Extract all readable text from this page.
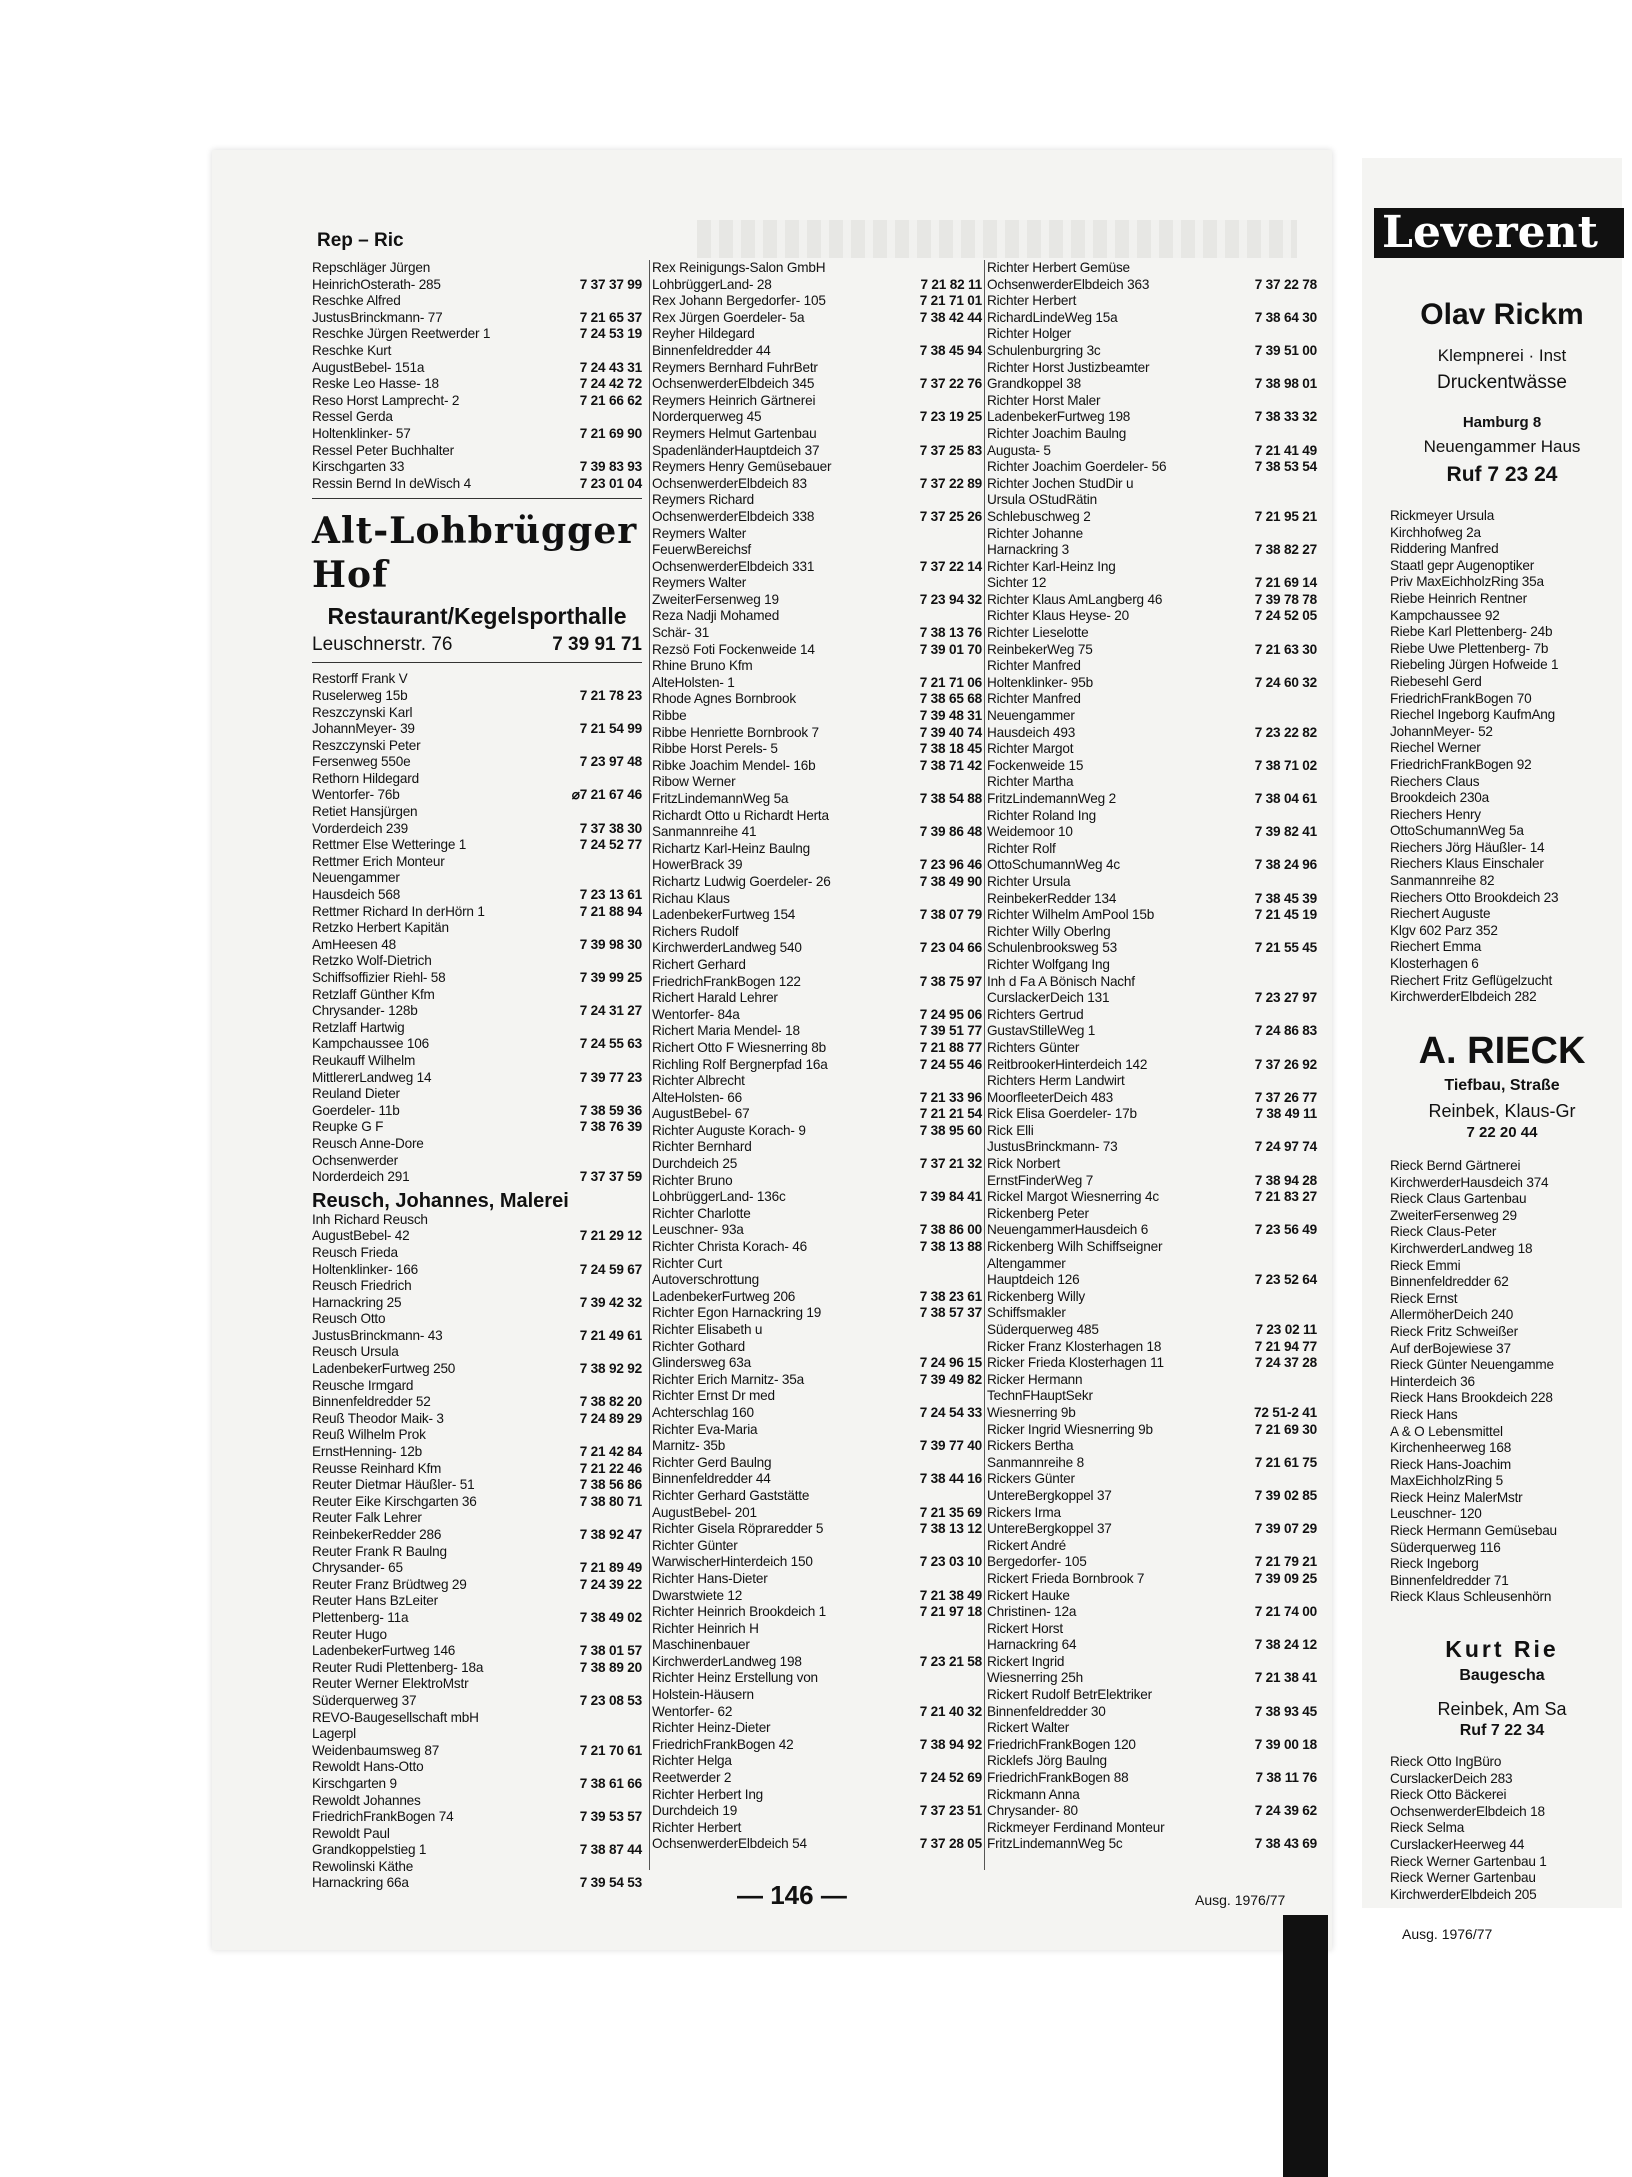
Rep – Ric
Repschläger Jürgen
HeinrichOsterath- 285	7 37 37 99
Reschke Alfred
JustusBrinckmann- 77	7 21 65 37
Reschke Jürgen Reetwerder 1	7 24 53 19
Reschke Kurt
AugustBebel- 151a	7 24 43 31
Reske Leo Hasse- 18	7 24 42 72
Reso Horst Lamprecht- 2	7 21 66 62
Ressel Gerda
Holtenklinker- 57	7 21 69 90
Ressel Peter Buchhalter
Kirschgarten 33	7 39 83 93
Ressin Bernd In deWisch 4	7 23 01 04
Alt-Lohbrügger Hof
Restaurant/Kegelsporthalle
Leuschnerstr. 76	7 39 91 71
Restorff Frank V
Ruselerweg 15b	7 21 78 23
Reszczynski Karl
JohannMeyer- 39	7 21 54 99
Reszczynski Peter
Fersenweg 550e	7 23 97 48
Rethorn Hildegard
Wentorfer- 76b	⌀7 21 67 46
Retiet Hansjürgen
Vorderdeich 239	7 37 38 30
Rettmer Else Wetteringe 1	7 24 52 77
Rettmer Erich Monteur
Neuengammer
Hausdeich 568	7 23 13 61
Rettmer Richard In derHörn 1	7 21 88 94
Retzko Herbert Kapitän
AmHeesen 48	7 39 98 30
Retzko Wolf-Dietrich
Schiffsoffizier Riehl- 58	7 39 99 25
Retzlaff Günther Kfm
Chrysander- 128b	7 24 31 27
Retzlaff Hartwig
Kampchaussee 106	7 24 55 63
Reukauff Wilhelm
MittlererLandweg 14	7 39 77 23
Reuland Dieter
Goerdeler- 11b	7 38 59 36
Reupke G F	7 38 76 39
Reusch Anne-Dore
Ochsenwerder
Norderdeich 291	7 37 37 59
Reusch, Johannes, Malerei
Inh Richard Reusch
AugustBebel- 42	7 21 29 12
Reusch Frieda
Holtenklinker- 166	7 24 59 67
Reusch Friedrich
Harnackring 25	7 39 42 32
Reusch Otto
JustusBrinckmann- 43	7 21 49 61
Reusch Ursula
LadenbekerFurtweg 250	7 38 92 92
Reusche Irmgard
Binnenfeldredder 52	7 38 82 20
Reuß Theodor Maik- 3	7 24 89 29
Reuß Wilhelm Prok
ErnstHenning- 12b	7 21 42 84
Reusse Reinhard Kfm	7 21 22 46
Reuter Dietmar Häußler- 51	7 38 56 86
Reuter Eike Kirschgarten 36	7 38 80 71
Reuter Falk Lehrer
ReinbekerRedder 286	7 38 92 47
Reuter Frank R Baulng
Chrysander- 65	7 21 89 49
Reuter Franz Brüdtweg 29	7 24 39 22
Reuter Hans BzLeiter
Plettenberg- 11a	7 38 49 02
Reuter Hugo
LadenbekerFurtweg 146	7 38 01 57
Reuter Rudi Plettenberg- 18a	7 38 89 20
Reuter Werner ElektroMstr
Süderquerweg 37	7 23 08 53
REVO-Baugesellschaft mbH
Lagerpl
Weidenbaumsweg 87	7 21 70 61
Rewoldt Hans-Otto
Kirschgarten 9	7 38 61 66
Rewoldt Johannes
FriedrichFrankBogen 74	7 39 53 57
Rewoldt Paul
Grandkoppelstieg 1	7 38 87 44
Rewolinski Käthe
Harnackring 66a	7 39 54 53
Rex Reinigungs-Salon GmbH
LohbrüggerLand- 28	7 21 82 11
Rex Johann Bergedorfer- 105	7 21 71 01
Rex Jürgen Goerdeler- 5a	7 38 42 44
Reyher Hildegard
Binnenfeldredder 44	7 38 45 94
Reymers Bernhard FuhrBetr
OchsenwerderElbdeich 345	7 37 22 76
Reymers Heinrich Gärtnerei
Norderquerweg 45	7 23 19 25
Reymers Helmut Gartenbau
SpadenländerHauptdeich 37	7 37 25 83
Reymers Henry Gemüsebauer
OchsenwerderElbdeich 83	7 37 22 89
Reymers Richard
OchsenwerderElbdeich 338	7 37 25 26
Reymers Walter
FeuerwBereichsf
OchsenwerderElbdeich 331	7 37 22 14
Reymers Walter
ZweiterFersenweg 19	7 23 94 32
Reza Nadji Mohamed
Schär- 31	7 38 13 76
Rezsö Foti Fockenweide 14	7 39 01 70
Rhine Bruno Kfm
AlteHolsten- 1	7 21 71 06
Rhode Agnes Bornbrook	7 38 65 68
Ribbe	7 39 48 31
Ribbe Henriette Bornbrook 7	7 39 40 74
Ribbe Horst Perels- 5	7 38 18 45
Ribke Joachim Mendel- 16b	7 38 71 42
Ribow Werner
FritzLindemannWeg 5a	7 38 54 88
Richardt Otto u Richardt Herta
Sanmannreihe 41	7 39 86 48
Richartz Karl-Heinz Baulng
HowerBrack 39	7 23 96 46
Richartz Ludwig Goerdeler- 26	7 38 49 90
Richau Klaus
LadenbekerFurtweg 154	7 38 07 79
Richers Rudolf
KirchwerderLandweg 540	7 23 04 66
Richert Gerhard
FriedrichFrankBogen 122	7 38 75 97
Richert Harald Lehrer
Wentorfer- 84a	7 24 95 06
Richert Maria Mendel- 18	7 39 51 77
Richert Otto F Wiesnerring 8b	7 21 88 77
Richling Rolf Bergnerpfad 16a	7 24 55 46
Richter Albrecht
AlteHolsten- 66	7 21 33 96
AugustBebel- 67	7 21 21 54
Richter Auguste Korach- 9	7 38 95 60
Richter Bernhard
Durchdeich 25	7 37 21 32
Richter Bruno
LohbrüggerLand- 136c	7 39 84 41
Richter Charlotte
Leuschner- 93a	7 38 86 00
Richter Christa Korach- 46	7 38 13 88
Richter Curt
Autoverschrottung
LadenbekerFurtweg 206	7 38 23 61
Richter Egon Harnackring 19	7 38 57 37
Richter Elisabeth u
Richter Gothard
Glindersweg 63a	7 24 96 15
Richter Erich Marnitz- 35a	7 39 49 82
Richter Ernst Dr med
Achterschlag 160	7 24 54 33
Richter Eva-Maria
Marnitz- 35b	7 39 77 40
Richter Gerd Baulng
Binnenfeldredder 44	7 38 44 16
Richter Gerhard Gaststätte
AugustBebel- 201	7 21 35 69
Richter Gisela Röpraredder 5	7 38 13 12
Richter Günter
WarwischerHinterdeich 150	7 23 03 10
Richter Hans-Dieter
Dwarstwiete 12	7 21 38 49
Richter Heinrich Brookdeich 1	7 21 97 18
Richter Heinrich H
Maschinenbauer
KirchwerderLandweg 198	7 23 21 58
Richter Heinz Erstellung von
Holstein-Häusern
Wentorfer- 62	7 21 40 32
Richter Heinz-Dieter
FriedrichFrankBogen 42	7 38 94 92
Richter Helga
Reetwerder 2	7 24 52 69
Richter Herbert Ing
Durchdeich 19	7 37 23 51
Richter Herbert
OchsenwerderElbdeich 54	7 37 28 05
Richter Herbert Gemüse
OchsenwerderElbdeich 363	7 37 22 78
Richter Herbert
RichardLindeWeg 15a	7 38 64 30
Richter Holger
Schulenburgring 3c	7 39 51 00
Richter Horst Justizbeamter
Grandkoppel 38	7 38 98 01
Richter Horst Maler
LadenbekerFurtweg 198	7 38 33 32
Richter Joachim Baulng
Augusta- 5	7 21 41 49
Richter Joachim Goerdeler- 56	7 38 53 54
Richter Jochen StudDir u
Ursula OStudRätin
Schlebuschweg 2	7 21 95 21
Richter Johanne
Harnackring 3	7 38 82 27
Richter Karl-Heinz Ing
Sichter 12	7 21 69 14
Richter Klaus AmLangberg 46	7 39 78 78
Richter Klaus Heyse- 20	7 24 52 05
Richter Lieselotte
ReinbekerWeg 75	7 21 63 30
Richter Manfred
Holtenklinker- 95b	7 24 60 32
Richter Manfred
Neuengammer
Hausdeich 493	7 23 22 82
Richter Margot
Fockenweide 15	7 38 71 02
Richter Martha
FritzLindemannWeg 2	7 38 04 61
Richter Roland Ing
Weidemoor 10	7 39 82 41
Richter Rolf
OttoSchumannWeg 4c	7 38 24 96
Richter Ursula
ReinbekerRedder 134	7 38 45 39
Richter Wilhelm AmPool 15b	7 21 45 19
Richter Willy Oberlng
Schulenbrooksweg 53	7 21 55 45
Richter Wolfgang Ing
Inh d Fa A Bönisch Nachf
CurslackerDeich 131	7 23 27 97
Richters Gertrud
GustavStilleWeg 1	7 24 86 83
Richters Günter
ReitbrookerHinterdeich 142	7 37 26 92
Richters Herm Landwirt
MoorfleeterDeich 483	7 37 26 77
Rick Elisa Goerdeler- 17b	7 38 49 11
Rick Elli
JustusBrinckmann- 73	7 24 97 74
Rick Norbert
ErnstFinderWeg 7	7 38 94 28
Rickel Margot Wiesnerring 4c	7 21 83 27
Rickenberg Peter
NeuengammerHausdeich 6	7 23 56 49
Rickenberg Wilh Schiffseigner
Altengammer
Hauptdeich 126	7 23 52 64
Rickenberg Willy
Schiffsmakler
Süderquerweg 485	7 23 02 11
Ricker Franz Klosterhagen 18	7 21 94 77
Ricker Frieda Klosterhagen 11	7 24 37 28
Ricker Hermann
TechnFHauptSekr
Wiesnerring 9b	72 51-2 41
Ricker Ingrid Wiesnerring 9b	7 21 69 30
Rickers Bertha
Sanmannreihe 8	7 21 61 75
Rickers Günter
UntereBergkoppel 37	7 39 02 85
Rickers Irma
UntereBergkoppel 37	7 39 07 29
Rickert André
Bergedorfer- 105	7 21 79 21
Rickert Frieda Bornbrook 7	7 39 09 25
Rickert Hauke
Christinen- 12a	7 21 74 00
Rickert Horst
Harnackring 64	7 38 24 12
Rickert Ingrid
Wiesnerring 25h	7 21 38 41
Rickert Rudolf BetrElektriker
Binnenfeldredder 30	7 38 93 45
Rickert Walter
FriedrichFrankBogen 120	7 39 00 18
Ricklefs Jörg Baulng
FriedrichFrankBogen 88	7 38 11 76
Rickmann Anna
Chrysander- 80	7 24 39 62
Rickmeyer Ferdinand Monteur
FritzLindemannWeg 5c	7 38 43 69
— 146 —	Ausg. 1976/77
Leverent
Olav Rickm
Klempnerei · Inst
Druckentwässe
Hamburg 8
Neuengammer Haus
Ruf 7 23 24
Rickmeyer Ursula
Kirchhofweg 2a
Riddering Manfred
Staatl gepr Augenoptiker
Priv MaxEichholzRing 35a
Riebe Heinrich Rentner
Kampchaussee 92
Riebe Karl Plettenberg- 24b
Riebe Uwe Plettenberg- 7b
Riebeling Jürgen Hofweide 1
Riebesehl Gerd
FriedrichFrankBogen 70
Riechel Ingeborg KaufmAng
JohannMeyer- 52
Riechel Werner
FriedrichFrankBogen 92
Riechers Claus
Brookdeich 230a
Riechers Henry
OttoSchumannWeg 5a
Riechers Jörg Häußler- 14
Riechers Klaus Einschaler
Sanmannreihe 82
Riechers Otto Brookdeich 23
Riechert Auguste
Klgv 602 Parz 352
Riechert Emma
Klosterhagen 6
Riechert Fritz Geflügelzucht
KirchwerderElbdeich 282
A. RIECK
Tiefbau, Straße
Reinbek, Klaus-Gr
7 22 20 44
Rieck Bernd Gärtnerei
KirchwerderHausdeich 374
Rieck Claus Gartenbau
ZweiterFersenweg 29
Rieck Claus-Peter
KirchwerderLandweg 18
Rieck Emmi
Binnenfeldredder 62
Rieck Ernst
AllermöherDeich 240
Rieck Fritz Schweißer
Auf derBojewiese 37
Rieck Günter Neuengamme
Hinterdeich 36
Rieck Hans Brookdeich 228
Rieck Hans
A & O Lebensmittel
Kirchenheerweg 168
Rieck Hans-Joachim
MaxEichholzRing 5
Rieck Heinz MalerMstr
Leuschner- 120
Rieck Hermann Gemüsebau
Süderquerweg 116
Rieck Ingeborg
Binnenfeldredder 71
Rieck Klaus Schleusenhörn
Kurt Rie
Baugescha
Reinbek, Am Sa
Ruf 7 22 34
Rieck Otto IngBüro
CurslackerDeich 283
Rieck Otto Bäckerei
OchsenwerderElbdeich 18
Rieck Selma
CurslackerHeerweg 44
Rieck Werner Gartenbau 1
Rieck Werner Gartenbau
KirchwerderElbdeich 205
Ausg. 1976/77
